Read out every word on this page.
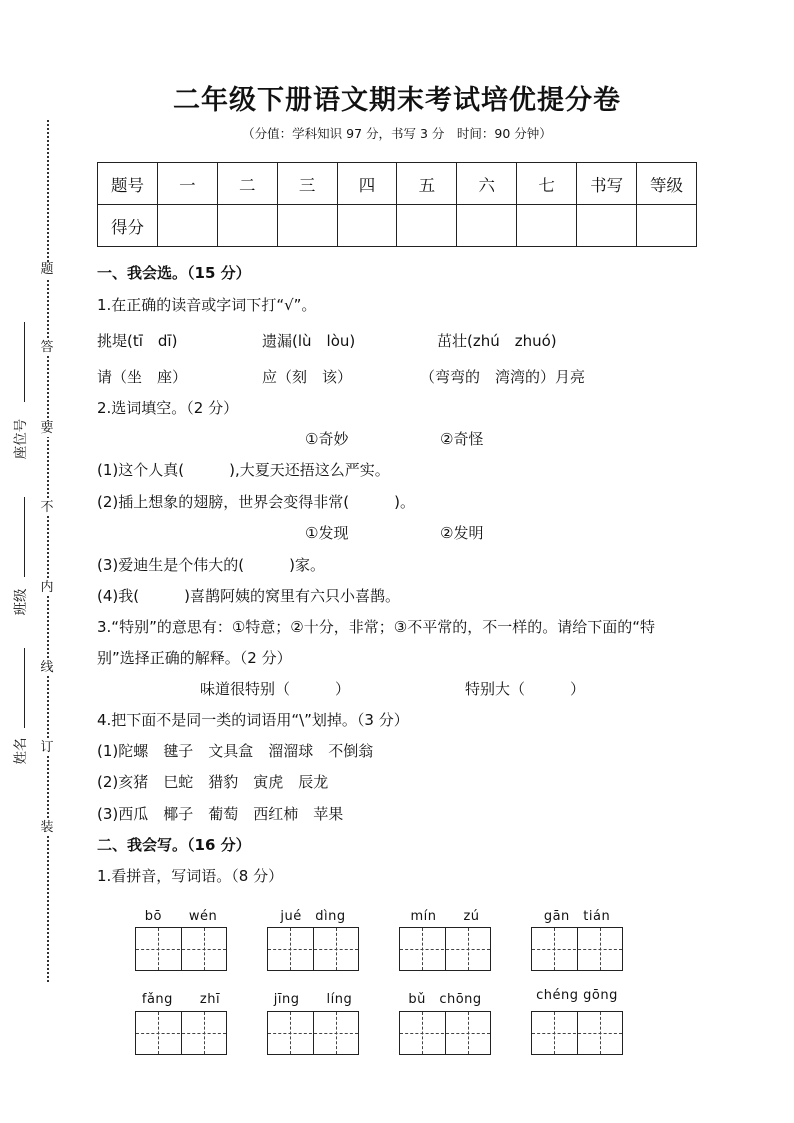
二年级下册语文期末考试培优提分卷
（分值：学科知识 97 分，书写 3 分　时间：90 分钟）
题号	一	二	三	四	五	六	七	书写	等级
得分									
题
答
要
不
内
线
订
装
座位号
班级
姓名
一、我会选。（15 分）
1.在正确的读音或字词下打“√”。
挑堤(tī　dī)	遗漏(lù　lòu)	茁壮(zhú　zhuó)
请（坐　座）	应（刻　该）	（弯弯的　湾湾的）月亮
2.选词填空。（2 分）
①奇妙	②奇怪
(1)这个人真(　　　),大夏天还捂这么严实。
(2)插上想象的翅膀，世界会变得非常(　　　)。
①发现	②发明
(3)爱迪生是个伟大的(　　　)家。
(4)我(　　　)喜鹊阿姨的窝里有六只小喜鹊。
3.“特别”的意思有：①特意；②十分，非常；③不平常的，不一样的。请给下面的“特
别”选择正确的解释。（2 分）
味道很特别（　　　）	特别大（　　　）
4.把下面不是同一类的词语用“\”划掉。（3 分）
(1)陀螺　毽子　文具盒　溜溜球　不倒翁
(2)亥猪　巳蛇　猎豹　寅虎　辰龙
(3)西瓜　椰子　葡萄　西红柿　苹果
二、我会写。（16 分）
1.看拼音，写词语。（8 分）
bō　　wén	jué　dìng	mín　　zú	gān　tián
fǎng　　zhī	jīng　　líng	bǔ　chōng	chéng gōng
